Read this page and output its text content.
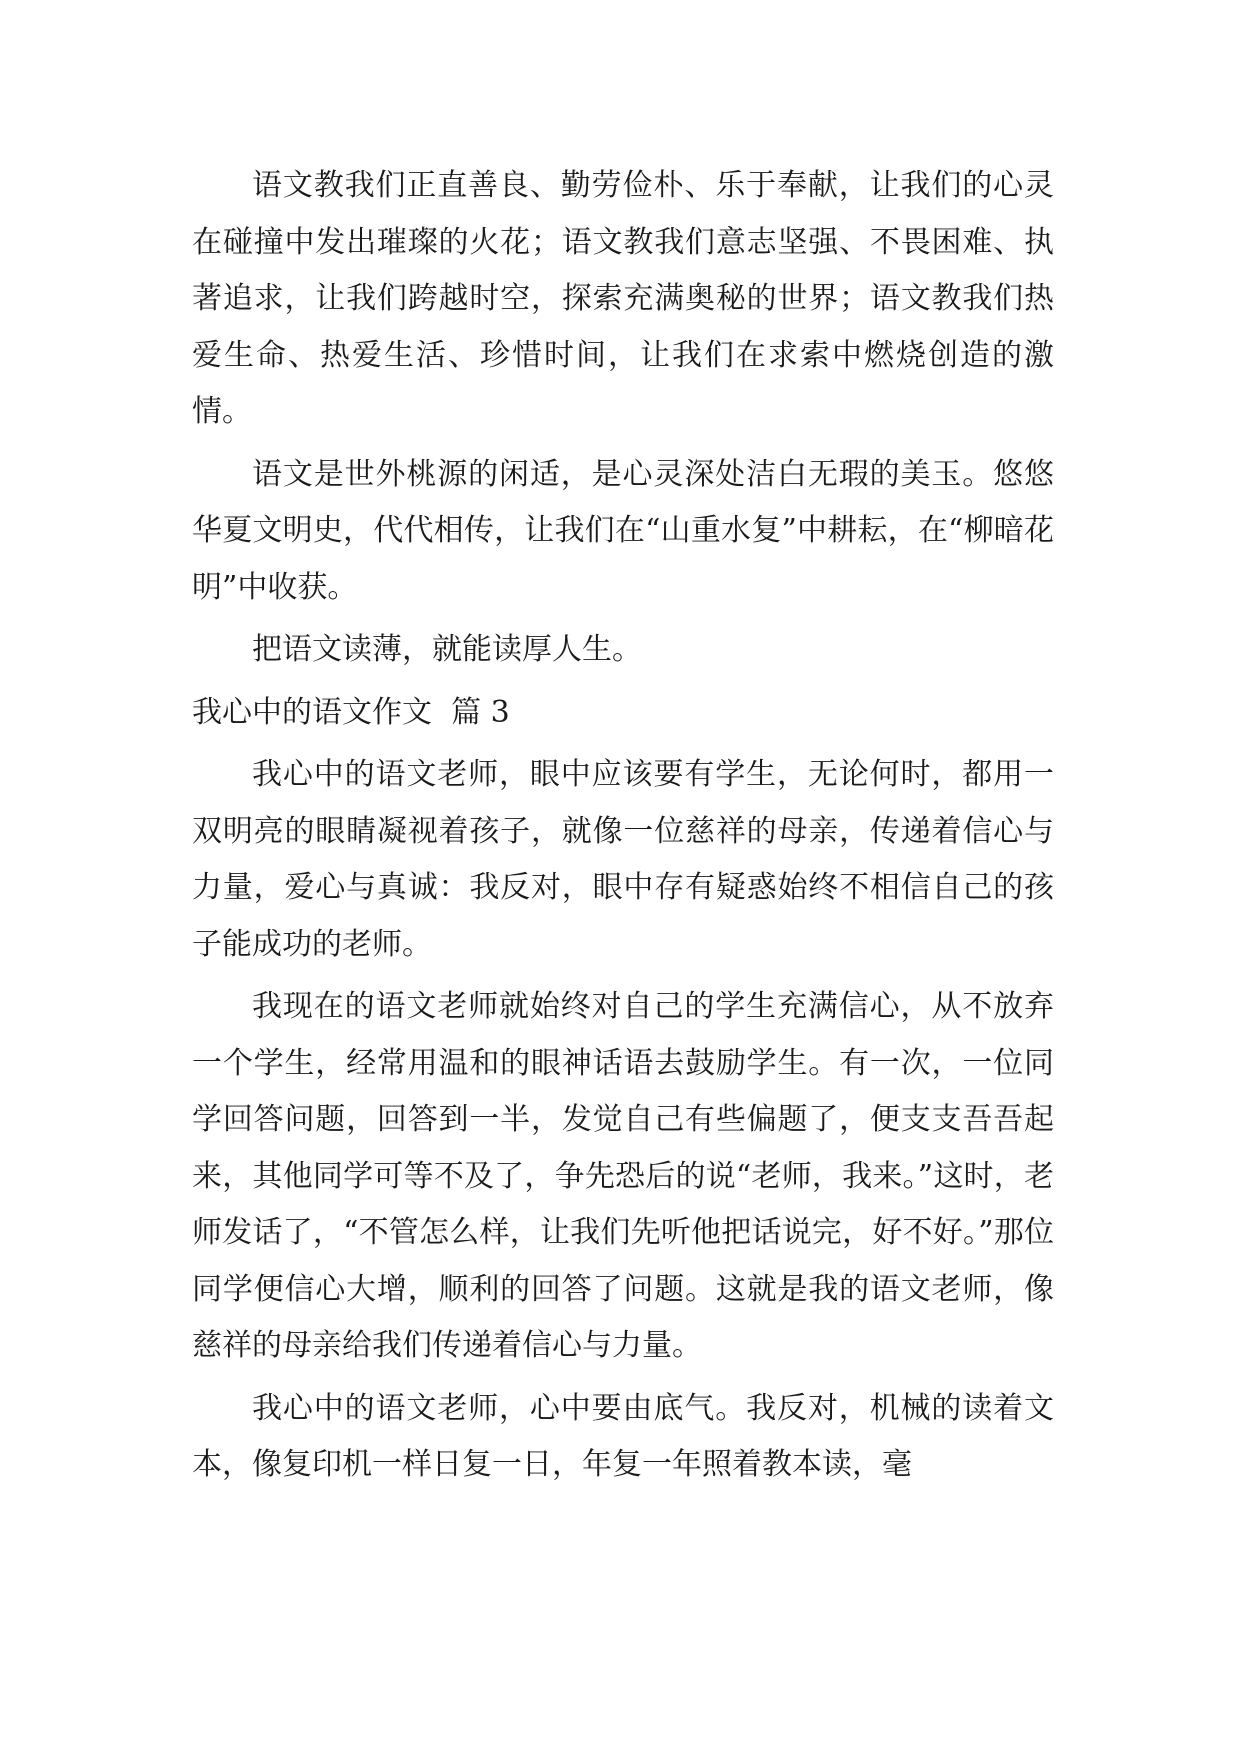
语文教我们正直善良、勤劳俭朴、乐于奉献，让我们的心灵在碰撞中发出璀璨的火花；语文教我们意志坚强、不畏困难、执著追求，让我们跨越时空，探索充满奥秘的世界；语文教我们热爱生命、热爱生活、珍惜时间，让我们在求索中燃烧创造的激情。

语文是世外桃源的闲适，是心灵深处洁白无瑕的美玉。悠悠华夏文明史，代代相传，让我们在“山重水复”中耕耘，在“柳暗花明”中收获。

把语文读薄，就能读厚人生。

我心中的语文作文  篇 3

我心中的语文老师，眼中应该要有学生，无论何时，都用一双明亮的眼睛凝视着孩子，就像一位慈祥的母亲，传递着信心与力量，爱心与真诚：我反对，眼中存有疑惑始终不相信自己的孩子能成功的老师。

我现在的语文老师就始终对自己的学生充满信心，从不放弃一个学生，经常用温和的眼神话语去鼓励学生。有一次，一位同学回答问题，回答到一半，发觉自己有些偏题了，便支支吾吾起来，其他同学可等不及了，争先恐后的说“老师，我来。”这时，老师发话了，“不管怎么样，让我们先听他把话说完，好不好。”那位同学便信心大增，顺利的回答了问题。这就是我的语文老师，像慈祥的母亲给我们传递着信心与力量。

我心中的语文老师，心中要由底气。我反对，机械的读着文本，像复印机一样日复一日，年复一年照着教本读，毫
